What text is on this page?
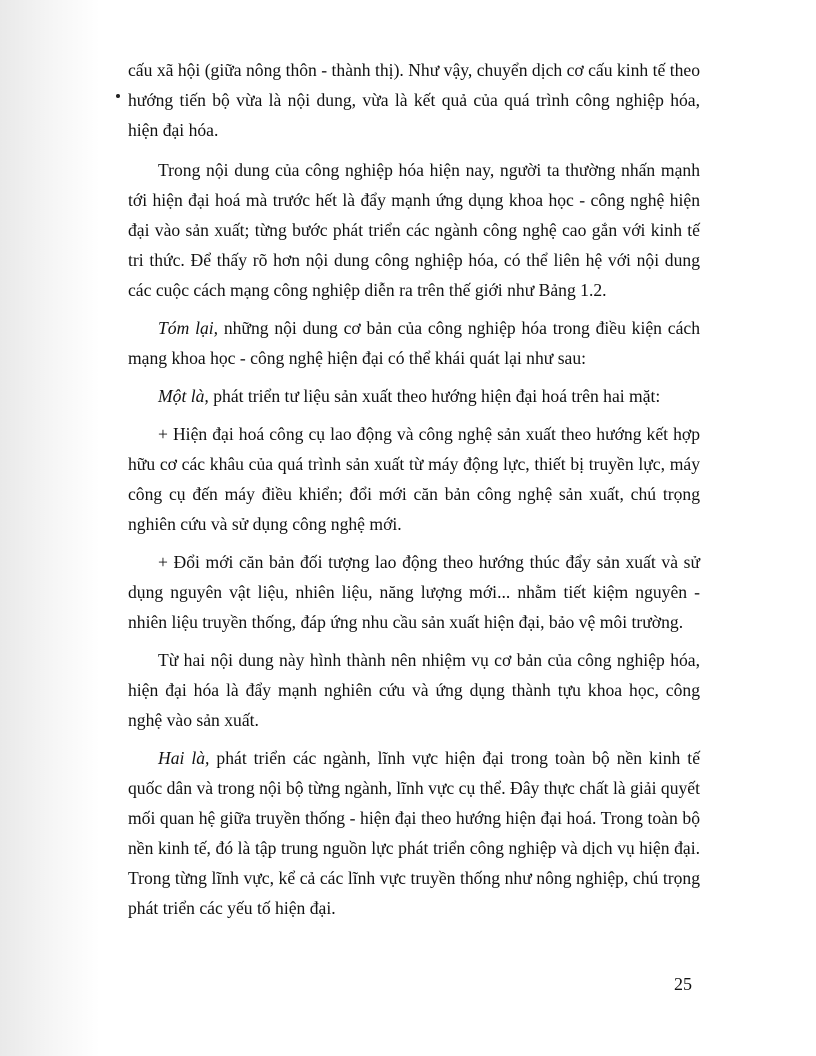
cấu xã hội (giữa nông thôn - thành thị). Như vậy, chuyển dịch cơ cấu kinh tế theo hướng tiến bộ vừa là nội dung, vừa là kết quả của quá trình công nghiệp hóa, hiện đại hóa.

Trong nội dung của công nghiệp hóa hiện nay, người ta thường nhấn mạnh tới hiện đại hoá mà trước hết là đẩy mạnh ứng dụng khoa học - công nghệ hiện đại vào sản xuất; từng bước phát triển các ngành công nghệ cao gắn với kinh tế tri thức. Để thấy rõ hơn nội dung công nghiệp hóa, có thể liên hệ với nội dung các cuộc cách mạng công nghiệp diễn ra trên thế giới như Bảng 1.2.

Tóm lại, những nội dung cơ bản của công nghiệp hóa trong điều kiện cách mạng khoa học - công nghệ hiện đại có thể khái quát lại như sau:

Một là, phát triển tư liệu sản xuất theo hướng hiện đại hoá trên hai mặt:

+ Hiện đại hoá công cụ lao động và công nghệ sản xuất theo hướng kết hợp hữu cơ các khâu của quá trình sản xuất từ máy động lực, thiết bị truyền lực, máy công cụ đến máy điều khiển; đổi mới căn bản công nghệ sản xuất, chú trọng nghiên cứu và sử dụng công nghệ mới.

+ Đổi mới căn bản đối tượng lao động theo hướng thúc đẩy sản xuất và sử dụng nguyên vật liệu, nhiên liệu, năng lượng mới... nhằm tiết kiệm nguyên - nhiên liệu truyền thống, đáp ứng nhu cầu sản xuất hiện đại, bảo vệ môi trường.

Từ hai nội dung này hình thành nên nhiệm vụ cơ bản của công nghiệp hóa, hiện đại hóa là đẩy mạnh nghiên cứu và ứng dụng thành tựu khoa học, công nghệ vào sản xuất.

Hai là, phát triển các ngành, lĩnh vực hiện đại trong toàn bộ nền kinh tế quốc dân và trong nội bộ từng ngành, lĩnh vực cụ thể. Đây thực chất là giải quyết mối quan hệ giữa truyền thống - hiện đại theo hướng hiện đại hoá. Trong toàn bộ nền kinh tế, đó là tập trung nguồn lực phát triển công nghiệp và dịch vụ hiện đại. Trong từng lĩnh vực, kể cả các lĩnh vực truyền thống như nông nghiệp, chú trọng phát triển các yếu tố hiện đại.

25
